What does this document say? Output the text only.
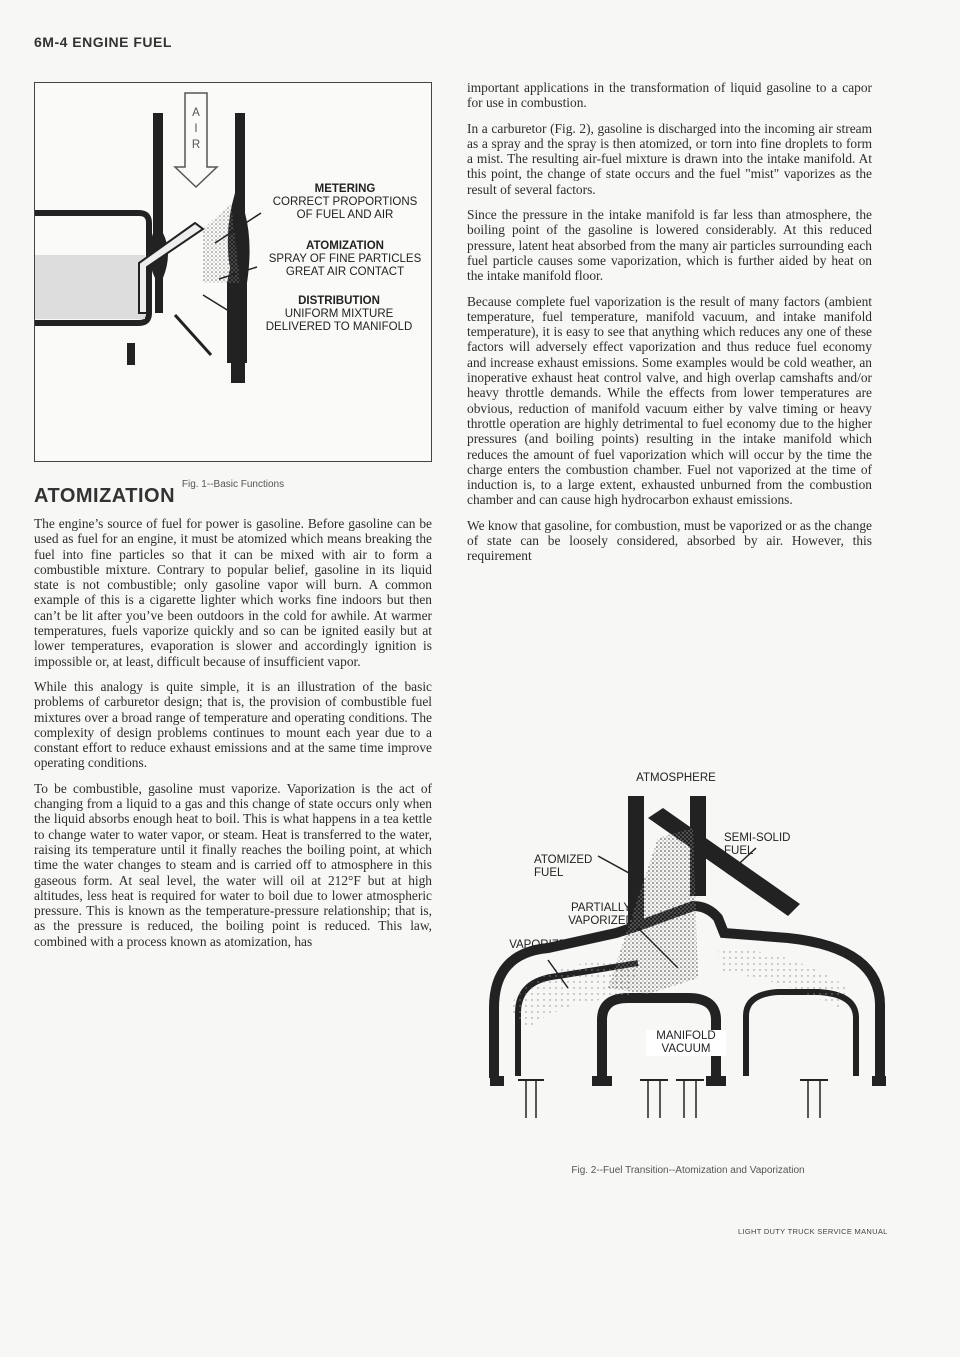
6M-4 ENGINE FUEL
A
I
R
METERING
CORRECT PROPORTIONS
OF FUEL AND AIR
ATOMIZATION
SPRAY OF FINE PARTICLES
GREAT AIR CONTACT
DISTRIBUTION
UNIFORM MIXTURE
DELIVERED TO MANIFOLD
Fig. 1--Basic Functions
ATOMIZATION

The engine’s source of fuel for power is gasoline. Before gasoline can be used as fuel for an engine, it must be atomized which means breaking the fuel into fine particles so that it can be mixed with air to form a combustible mixture. Contrary to popular belief, gasoline in its liquid state is not combustible; only gasoline vapor will burn. A common example of this is a cigarette lighter which works fine indoors but then can’t be lit after you’ve been outdoors in the cold for awhile. At warmer temperatures, fuels vaporize quickly and so can be ignited easily but at lower temperatures, evaporation is slower and accordingly ignition is impossible or, at least, difficult because of insufficient vapor.

While this analogy is quite simple, it is an illustration of the basic problems of carburetor design; that is, the provision of combustible fuel mixtures over a broad range of temperature and operating conditions. The complexity of design problems continues to mount each year due to a constant effort to reduce exhaust emissions and at the same time improve operating conditions.

To be combustible, gasoline must vaporize. Vaporization is the act of changing from a liquid to a gas and this change of state occurs only when the liquid absorbs enough heat to boil. This is what happens in a tea kettle to change water to water vapor, or steam. Heat is transferred to the water, raising its temperature until it finally reaches the boiling point, at which time the water changes to steam and is carried off to atmosphere in this gaseous form. At seal level, the water will oil at 212°F but at high altitudes, less heat is required for water to boil due to lower atmospheric pressure. This is known as the temperature-pressure relationship; that is, as the pressure is reduced, the boiling point is reduced. This law, combined with a process known as atomization, has

important applications in the transformation of liquid gasoline to a capor for use in combustion.

In a carburetor (Fig. 2), gasoline is discharged into the incoming air stream as a spray and the spray is then atomized, or torn into fine droplets to form a mist. The resulting air-fuel mixture is drawn into the intake manifold. At this point, the change of state occurs and the fuel "mist" vaporizes as the result of several factors.

Since the pressure in the intake manifold is far less than atmosphere, the boiling point of the gasoline is lowered considerably. At this reduced pressure, latent heat absorbed from the many air particles surrounding each fuel particle causes some vaporization, which is further aided by heat on the intake manifold floor.

Because complete fuel vaporization is the result of many factors (ambient temperature, fuel temperature, manifold vacuum, and intake manifold temperature), it is easy to see that anything which reduces any one of these factors will adversely effect vaporization and thus reduce fuel economy and increase exhaust emissions. Some examples would be cold weather, an inoperative exhaust heat control valve, and high overlap camshafts and/or heavy throttle demands. While the effects from lower temperatures are obvious, reduction of manifold vacuum either by valve timing or heavy throttle operation are highly detrimental to fuel economy due to the higher pressures (and boiling points) resulting in the intake manifold which reduces the amount of fuel vaporization which will occur by the time the charge enters the combustion chamber. Fuel not vaporized at the time of induction is, to a large extent, exhausted unburned from the combustion chamber and can cause high hydrocarbon exhaust emissions.

We know that gasoline, for combustion, must be vaporized or as the change of state can be loosely considered, absorbed by air. However, this requirement

ATMOSPHERE
SEMI-SOLID
FUEL
ATOMIZED
FUEL
PARTIALLY
VAPORIZED
VAPORIZED
MANIFOLD
VACUUM
Fig. 2--Fuel Transition--Atomization and Vaporization
LIGHT DUTY TRUCK SERVICE MANUAL
